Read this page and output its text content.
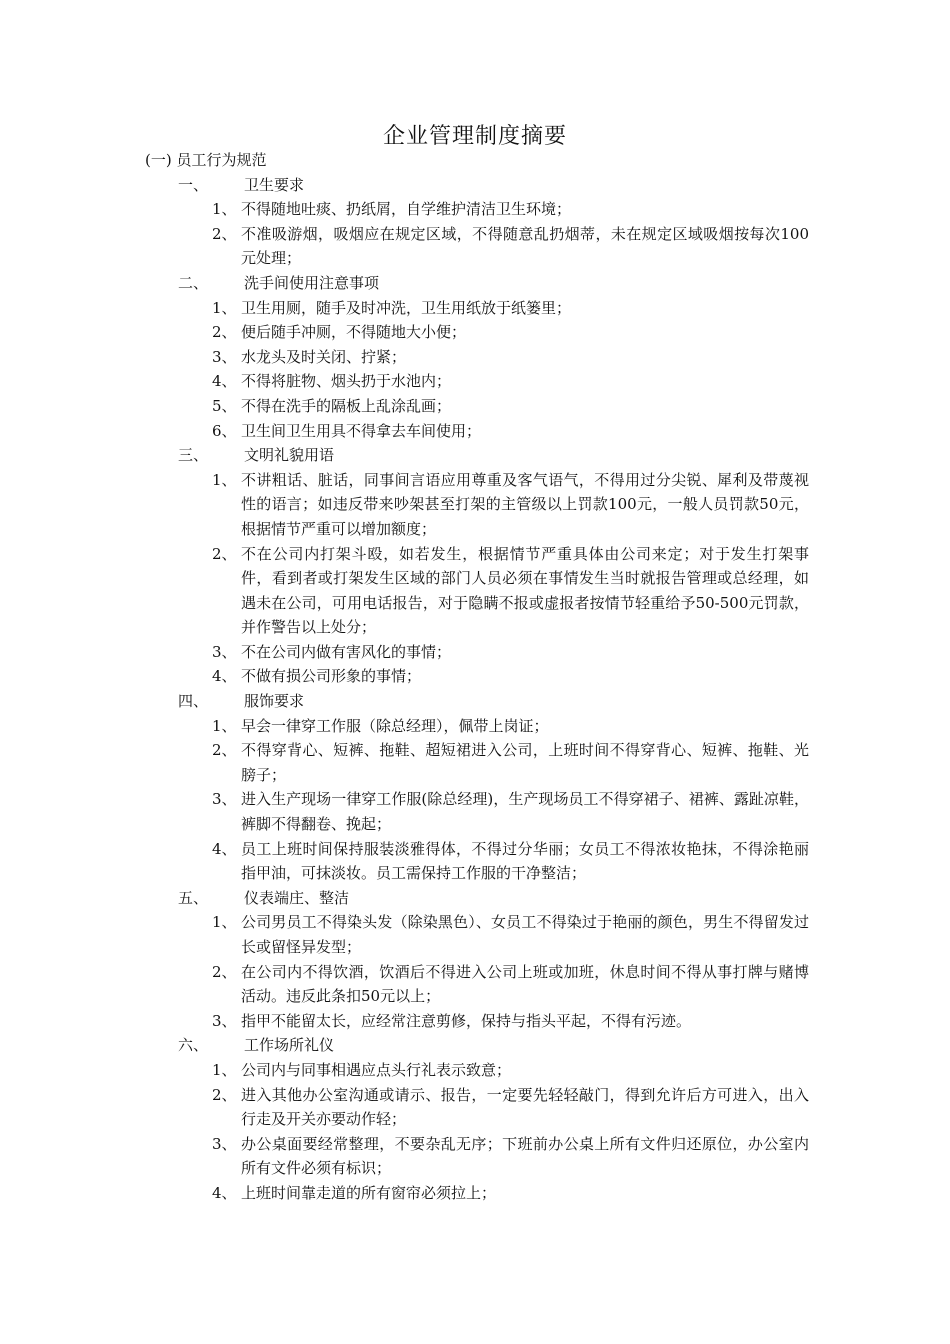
企业管理制度摘要
(一) 员工行为规范
一、	卫生要求
1、 不得随地吐痰、扔纸屑，自学维护清洁卫生环境；
2、 不准吸游烟，吸烟应在规定区域，不得随意乱扔烟蒂，未在规定区域吸烟按每次100元处理；
二、	洗手间使用注意事项
1、 卫生用厕，随手及时冲洗，卫生用纸放于纸篓里；
2、 便后随手冲厕，不得随地大小便；
3、 水龙头及时关闭、拧紧；
4、 不得将脏物、烟头扔于水池内；
5、 不得在洗手的隔板上乱涂乱画；
6、 卫生间卫生用具不得拿去车间使用；
三、	文明礼貌用语
1、 不讲粗话、脏话，同事间言语应用尊重及客气语气，不得用过分尖锐、犀利及带蔑视性的语言；如违反带来吵架甚至打架的主管级以上罚款100元，一般人员罚款50元，根据情节严重可以增加额度；
2、 不在公司内打架斗殴，如若发生，根据情节严重具体由公司来定；对于发生打架事件，看到者或打架发生区域的部门人员必须在事情发生当时就报告管理或总经理，如遇未在公司，可用电话报告，对于隐瞒不报或虚报者按情节轻重给予50-500元罚款，并作警告以上处分；
3、 不在公司内做有害风化的事情；
4、 不做有损公司形象的事情；
四、	服饰要求
1、 早会一律穿工作服（除总经理），佩带上岗证；
2、 不得穿背心、短裤、拖鞋、超短裙进入公司，上班时间不得穿背心、短裤、拖鞋、光膀子；
3、 进入生产现场一律穿工作服(除总经理)，生产现场员工不得穿裙子、裙裤、露趾凉鞋，裤脚不得翻卷、挽起；
4、 员工上班时间保持服装淡雅得体，不得过分华丽；女员工不得浓妆艳抹，不得涂艳丽指甲油，可抹淡妆。员工需保持工作服的干净整洁；
五、	仪表端庄、整洁
1、 公司男员工不得染头发（除染黑色）、女员工不得染过于艳丽的颜色，男生不得留发过长或留怪异发型；
2、 在公司内不得饮酒，饮酒后不得进入公司上班或加班，休息时间不得从事打牌与赌博活动。违反此条扣50元以上；
3、 指甲不能留太长，应经常注意剪修，保持与指头平起，不得有污迹。
六、	工作场所礼仪
1、 公司内与同事相遇应点头行礼表示致意；
2、 进入其他办公室沟通或请示、报告，一定要先轻轻敲门，得到允许后方可进入，出入行走及开关亦要动作轻；
3、 办公桌面要经常整理，不要杂乱无序；下班前办公桌上所有文件归还原位，办公室内所有文件必须有标识；
4、 上班时间靠走道的所有窗帘必须拉上；
